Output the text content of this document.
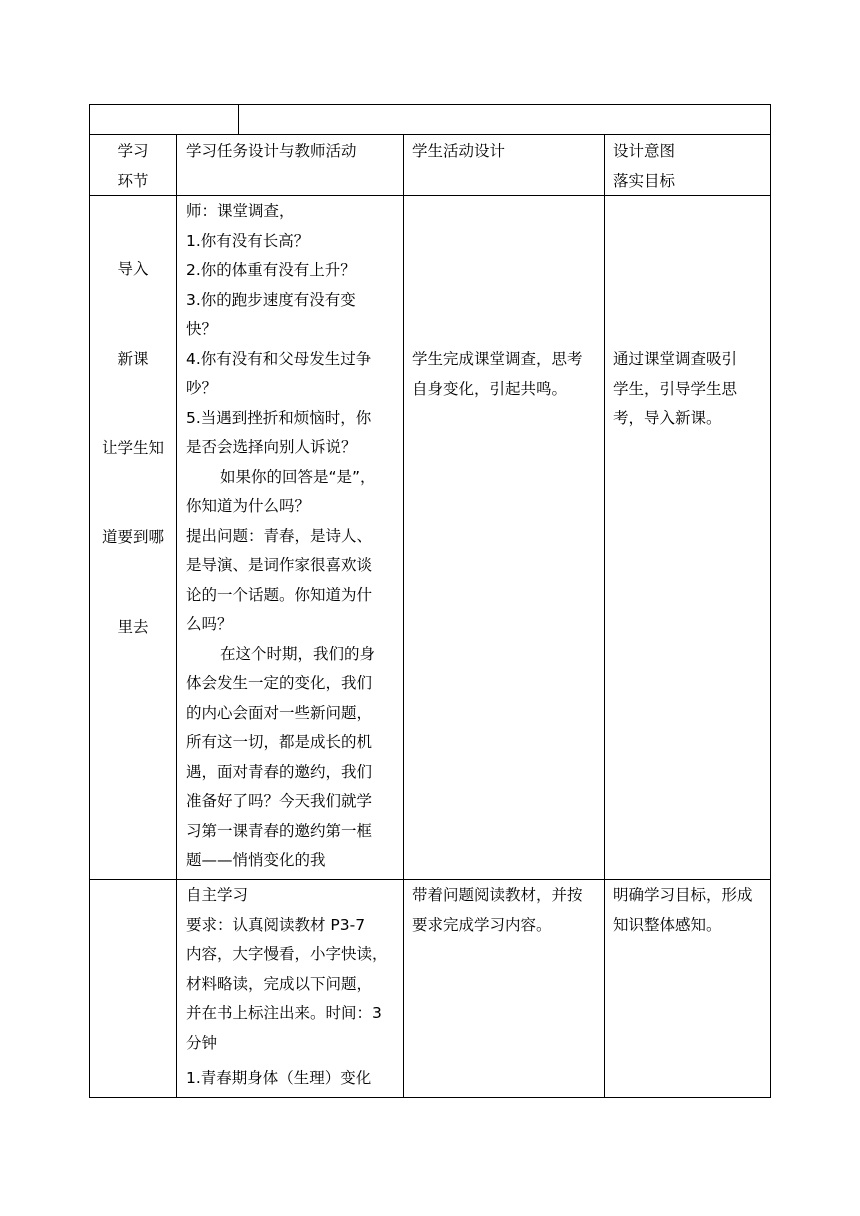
学习
环节
学习任务设计与教师活动	学生活动设计	设计意图
落实目标
导入
新课
让学生知
道要到哪
里去
师：课堂调查，
1.你有没有长高？
2.你的体重有没有上升？
3.你的跑步速度有没有变
快？
4.你有没有和父母发生过争
吵？
5.当遇到挫折和烦恼时，你
是否会选择向别人诉说？
如果你的回答是“是”，
你知道为什么吗？
提出问题：青春，是诗人、
是导演、是词作家很喜欢谈
论的一个话题。你知道为什
么吗？
在这个时期，我们的身
体会发生一定的变化，我们
的内心会面对一些新问题，
所有这一切，都是成长的机
遇，面对青春的邀约，我们
准备好了吗？今天我们就学
习第一课青春的邀约第一框
题——悄悄变化的我
学生完成课堂调查，思考
自身变化，引起共鸣。
通过课堂调查吸引
学生，引导学生思
考，导入新课。
自主学习
要求：认真阅读教材 P3-7
内容，大字慢看，小字快读，
材料略读，完成以下问题，
并在书上标注出来。时间：3
分钟
1.青春期身体（生理）变化
带着问题阅读教材，并按
要求完成学习内容。
明确学习目标，形成
知识整体感知。
